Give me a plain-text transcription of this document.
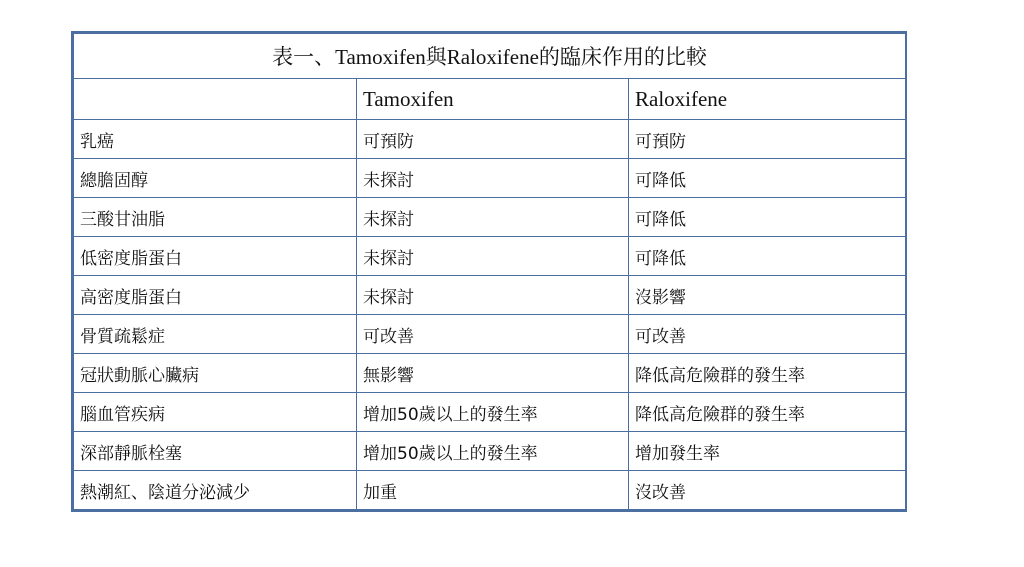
表一、Tamoxifen與Raloxifene的臨床作用的比較		
	Tamoxifen	Raloxifene
乳癌	可預防	可預防
總膽固醇	未探討	可降低
三酸甘油脂	未探討	可降低
低密度脂蛋白	未探討	可降低
高密度脂蛋白	未探討	沒影響
骨質疏鬆症	可改善	可改善
冠狀動脈心臟病	無影響	降低高危險群的發生率
腦血管疾病	增加50歲以上的發生率	降低高危險群的發生率
深部靜脈栓塞	增加50歲以上的發生率	增加發生率
熱潮紅、陰道分泌減少	加重	沒改善
